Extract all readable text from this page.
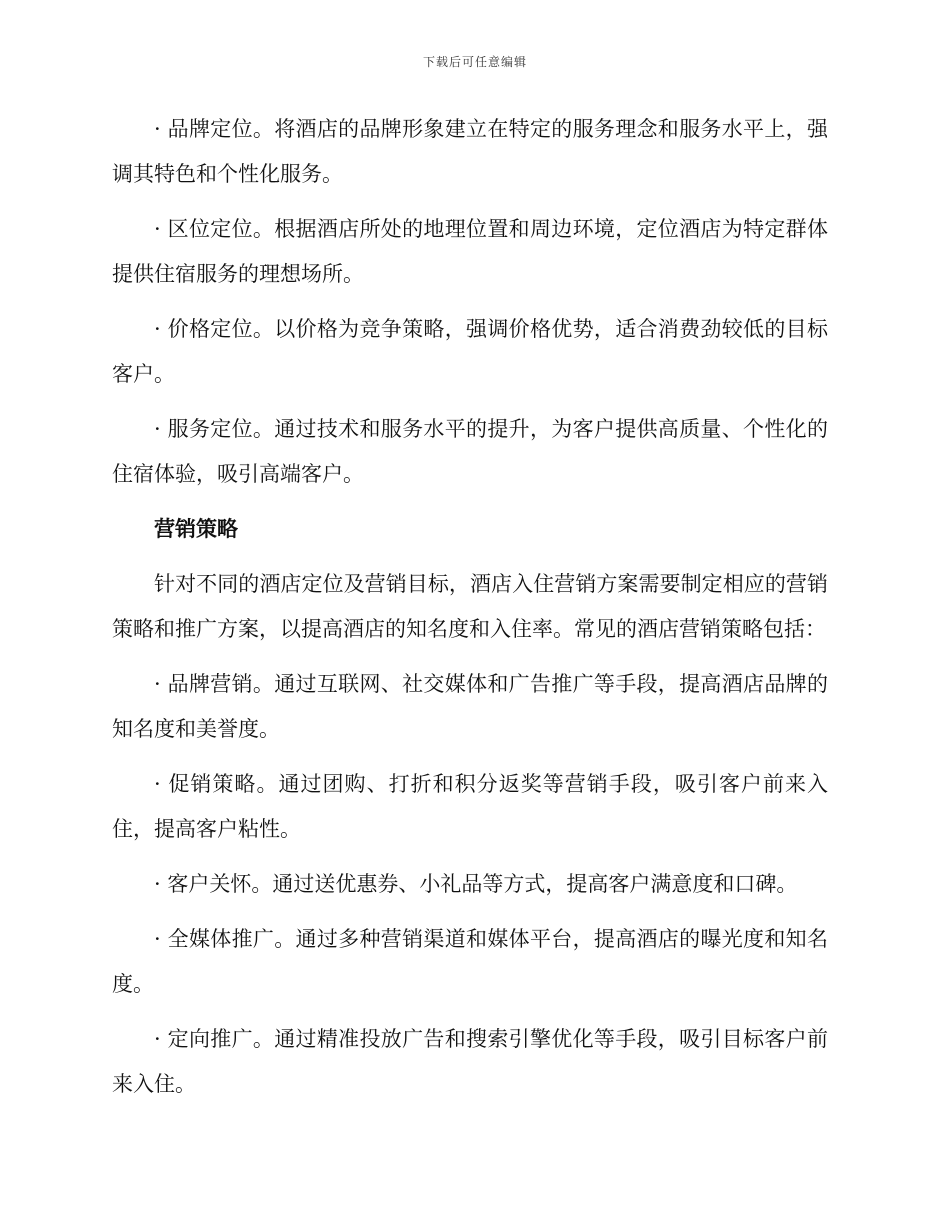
下载后可任意编辑

· 品牌定位。将酒店的品牌形象建立在特定的服务理念和服务水平上，强调其特色和个性化服务。

· 区位定位。根据酒店所处的地理位置和周边环境，定位酒店为特定群体提供住宿服务的理想场所。

· 价格定位。以价格为竞争策略，强调价格优势，适合消费劲较低的目标客户。

· 服务定位。通过技术和服务水平的提升，为客户提供高质量、个性化的住宿体验，吸引高端客户。

营销策略

针对不同的酒店定位及营销目标，酒店入住营销方案需要制定相应的营销策略和推广方案，以提高酒店的知名度和入住率。常见的酒店营销策略包括：

· 品牌营销。通过互联网、社交媒体和广告推广等手段，提高酒店品牌的知名度和美誉度。

· 促销策略。通过团购、打折和积分返奖等营销手段，吸引客户前来入住，提高客户粘性。

· 客户关怀。通过送优惠券、小礼品等方式，提高客户满意度和口碑。

· 全媒体推广。通过多种营销渠道和媒体平台，提高酒店的曝光度和知名度。

· 定向推广。通过精准投放广告和搜索引擎优化等手段，吸引目标客户前来入住。
